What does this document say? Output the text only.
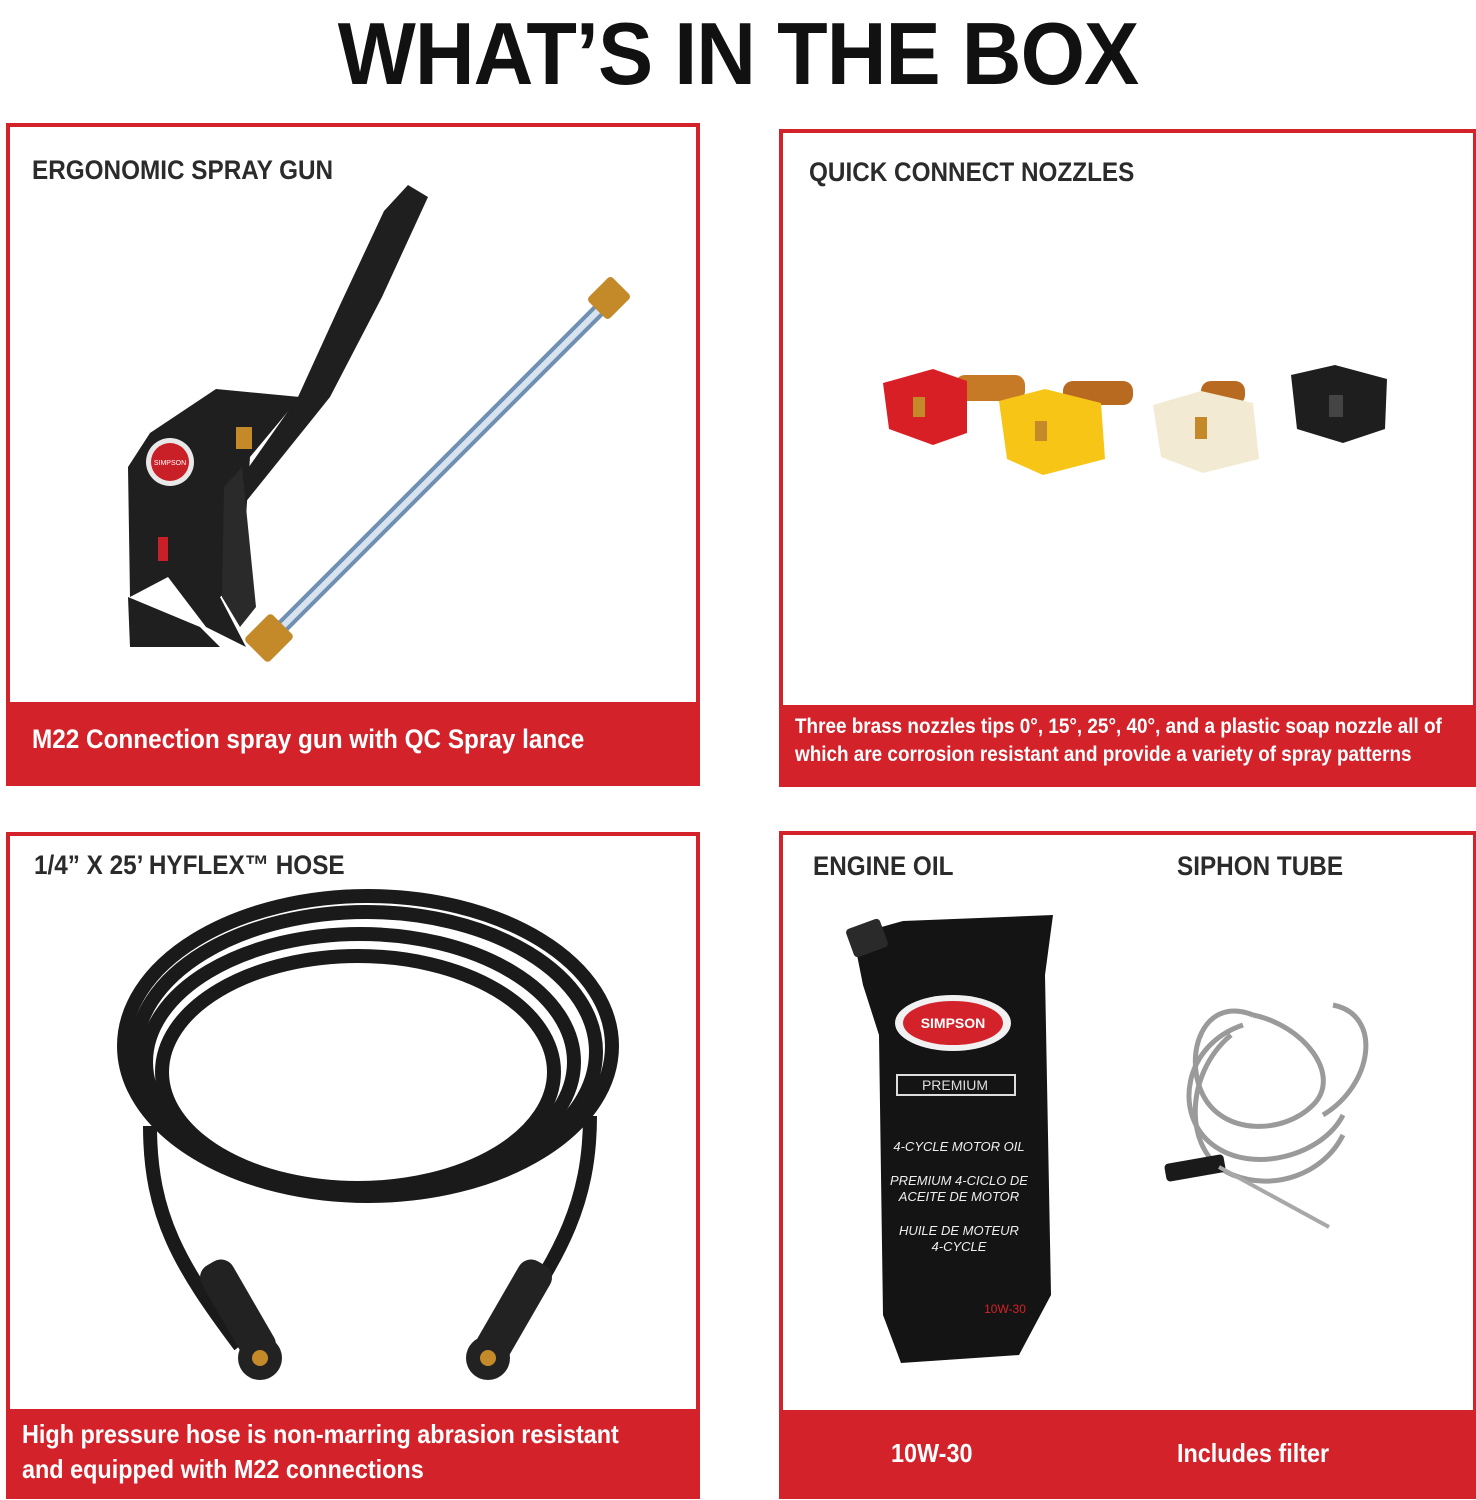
WHAT’S IN THE BOX
ERGONOMIC SPRAY GUN
SIMPSON
M22 Connection spray gun with QC Spray lance
QUICK CONNECT NOZZLES
Three brass nozzles tips 0°, 15°, 25°, 40°, and a plastic soap nozzle all of
which are corrosion resistant and provide a variety of spray patterns
1/4” X 25’ HYFLEX™ HOSE
High pressure hose is non-marring abrasion resistant
and equipped with M22 connections
ENGINE OIL	SIPHON TUBE
SIMPSON
PREMIUM
4-CYCLE MOTOR OIL
PREMIUM 4-CICLO DE
ACEITE DE MOTOR
HUILE DE MOTEUR
4-CYCLE
10W-30
10W-30	Includes filter
